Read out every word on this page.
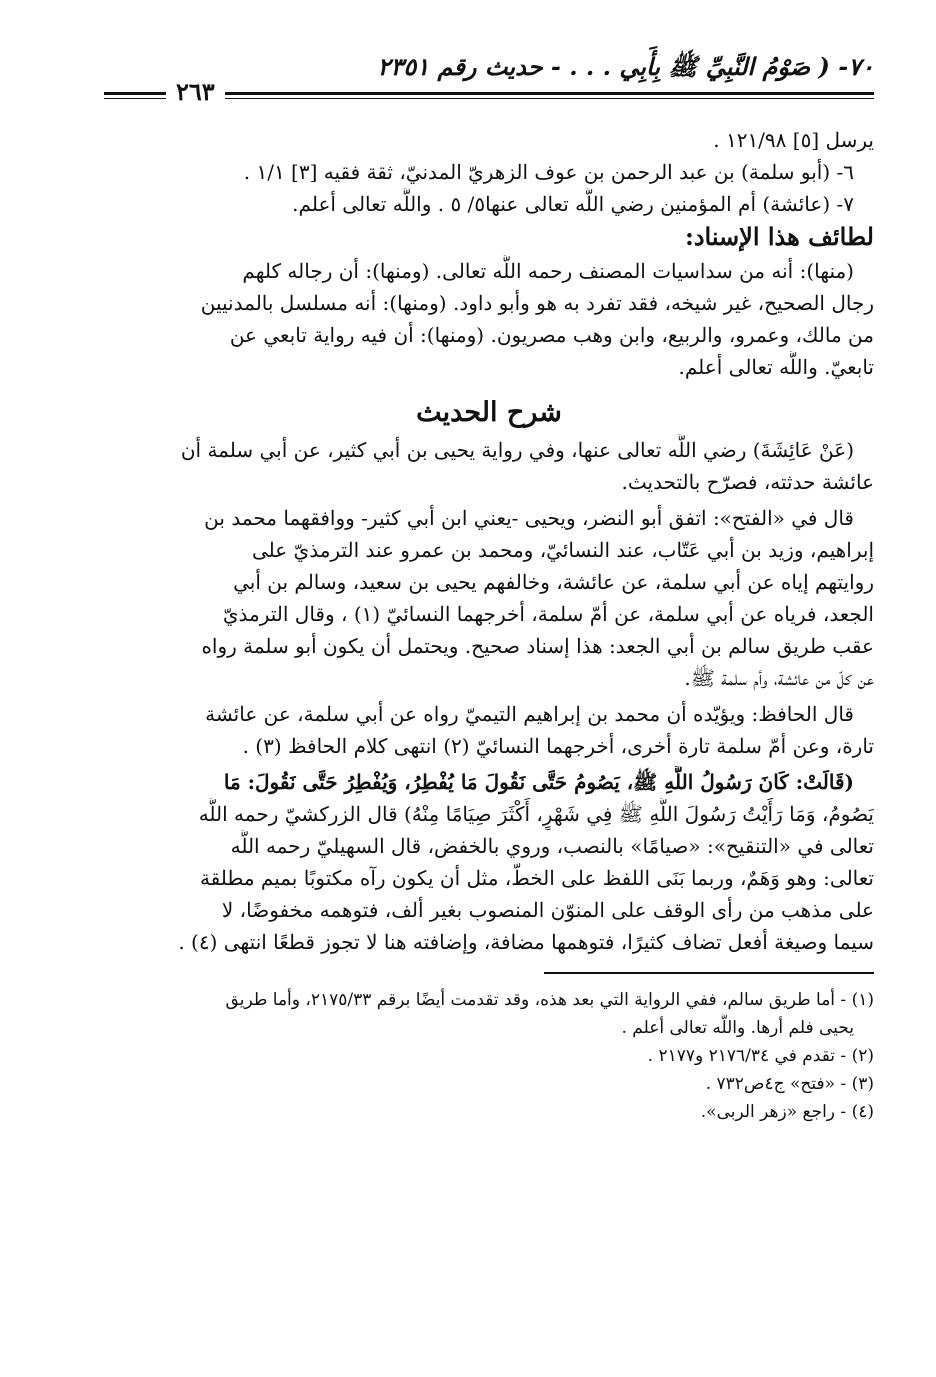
٧٠- ( صَوْمُ النَّبِيِّ ﷺ بِأَبِي . . . - حديث رقم ٢٣٥١
٢٦٣
يرسل [٥] ١٢١/٩٨ .
٦- (أبو سلمة) بن عبد الرحمن بن عوف الزهريّ المدنيّ، ثقة فقيه [٣] ١/١ .
٧- (عائشة) أم المؤمنين رضي اللَّه تعالى عنها٥/ ٥ . واللَّه تعالى أعلم.
لطائف هذا الإسناد:
(منها): أنه من سداسيات المصنف رحمه اللَّه تعالى. (ومنها): أن رجاله كلهم
رجال الصحيح، غير شيخه، فقد تفرد به هو وأبو داود. (ومنها): أنه مسلسل بالمدنيين
من مالك، وعمرو، والربيع، وابن وهب مصريون. (ومنها): أن فيه رواية تابعي عن
تابعيّ. واللَّه تعالى أعلم.
شرح الحديث
(عَنْ عَائِشَةَ) رضي اللَّه تعالى عنها، وفي رواية يحيى بن أبي كثير، عن أبي سلمة أن
عائشة حدثته، فصرّح بالتحديث.
قال في «الفتح»: اتفق أبو النضر، ويحيى -يعني ابن أبي كثير- ووافقهما محمد بن
إبراهيم، وزيد بن أبي عَتّاب، عند النسائيّ، ومحمد بن عمرو عند الترمذيّ على
روايتهم إياه عن أبي سلمة، عن عائشة، وخالفهم يحيى بن سعيد، وسالم بن أبي
الجعد، فرياه عن أبي سلمة، عن أمّ سلمة، أخرجهما النسائيّ (١) ، وقال الترمذيّ
عقب طريق سالم بن أبي الجعد: هذا إسناد صحيح. ويحتمل أن يكون أبو سلمة رواه
عن كلّ من عائشة، وأم سلمة ﷺ.
قال الحافظ: ويؤيّده أن محمد بن إبراهيم التيميّ رواه عن أبي سلمة، عن عائشة
تارة، وعن أمّ سلمة تارة أخرى، أخرجهما النسائيّ (٢) انتهى كلام الحافظ (٣) .
(قَالَتْ: كَانَ رَسُولُ اللَّهِ ﷺ، يَصُومُ حَتَّى نَقُولَ مَا يُفْطِرُ، وَيُفْطِرُ حَتَّى نَقُولَ: مَا
يَصُومُ، وَمَا رَأَيْتُ رَسُولَ اللَّهِ ﷺ فِي شَهْرٍ، أَكْثَرَ صِيَامًا مِنْهُ) قال الزركشيّ رحمه اللَّه
تعالى في «التنقيح»: «صيامًا» بالنصب، وروي بالخفض، قال السهيليّ رحمه اللَّه
تعالى: وهو وَهَمٌ، وربما بَنَى اللفظ على الخطّ، مثل أن يكون رآه مكتوبًا بميم مطلقة
على مذهب من رأى الوقف على المنوّن المنصوب بغير ألف، فتوهمه مخفوضًا، لا
سيما وصيغة أفعل تضاف كثيرًا، فتوهمها مضافة، وإضافته هنا لا تجوز قطعًا انتهى (٤) .
(١) - أما طريق سالم، ففي الرواية التي بعد هذه، وقد تقدمت أيضًا برقم ٢١٧٥/٣٣، وأما طريق
يحيى فلم أرها. واللَّه تعالى أعلم .
(٢) - تقدم في ٢١٧٦/٣٤ و٢١٧٧ .
(٣) - «فتح» ج٤ص٧٣٢ .
(٤) - راجع «زهر الربى».
